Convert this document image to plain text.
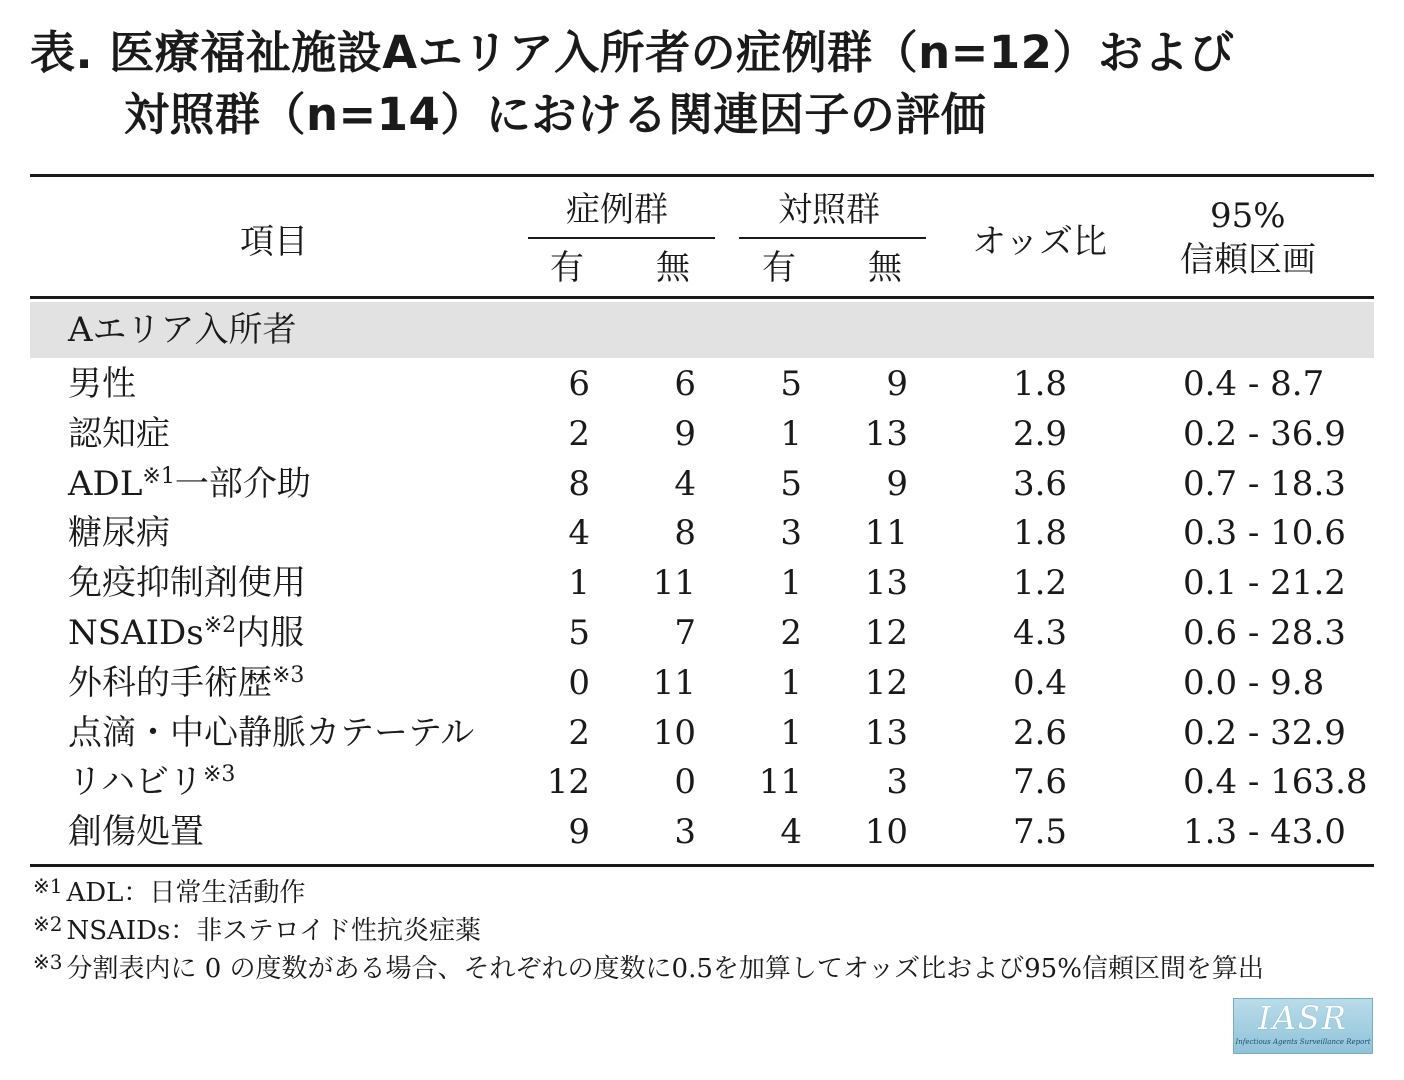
表. 医療福祉施設Aエリア入所者の症例群（n=12）および
対照群（n=14）における関連因子の評価
項目
症例群	対照群
有 無 有 無
オッズ比
95%
信頼区画
Aエリア入所者
男性	6	6	5	9	1.8	0.4 - 8.7
認知症	2	9	1	13	2.9	0.2 - 36.9
ADL$^{※1}$一部介助	8	4	5	9	3.6	0.7 - 18.3
糖尿病	4	8	3	11	1.8	0.3 - 10.6
免疫抑制剤使用	1	11	1	13	1.2	0.1 - 21.2
NSAIDs$^{※2}$内服	5	7	2	12	4.3	0.6 - 28.3
外科的手術歴$^{※3}$	0	11	1	12	0.4	0.0 - 9.8
点滴・中心静脈カテーテル	2	10	1	13	2.6	0.2 - 32.9
リハビリ$^{※3}$	12	0	11	3	7.6	0.4 - 163.8
創傷処置	9	3	4	10	7.5	1.3 - 43.0
$^{※1}$ ADL：日常生活動作
$^{※2}$ NSAIDs：非ステロイド性抗炎症薬
$^{※3}$ 分割表内に 0 の度数がある場合、それぞれの度数に0.5を加算してオッズ比および95%信頼区間を算出
IASR
Infectious Agents Surveillance Report
